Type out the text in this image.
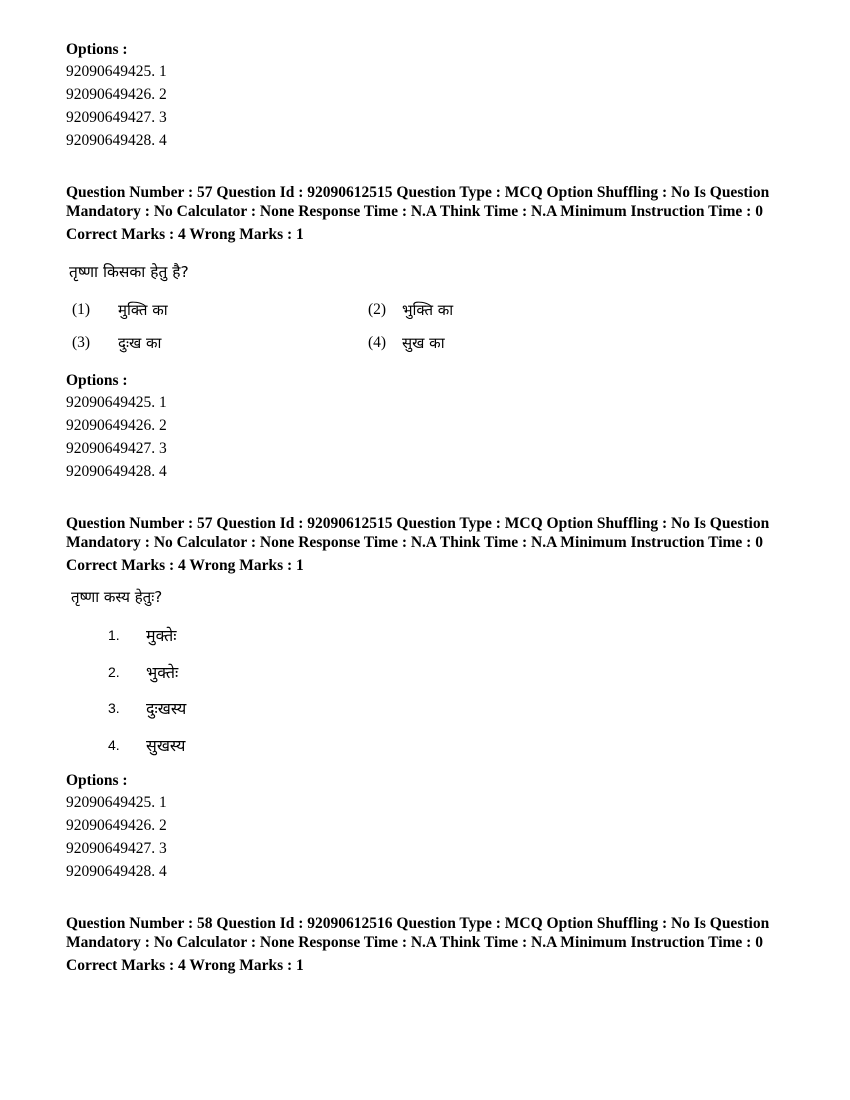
Options :
92090649425. 1
92090649426. 2
92090649427. 3
92090649428. 4
Question Number : 57 Question Id : 92090612515 Question Type : MCQ Option Shuffling : No Is Question Mandatory : No Calculator : None Response Time : N.A Think Time : N.A Minimum Instruction Time : 0
Correct Marks : 4 Wrong Marks : 1
तृष्णा किसका हेतु है?
(1)	मुक्ति का	(2)	भुक्ति का
(3)	दुःख का	(4)	सुख का
Options :
92090649425. 1
92090649426. 2
92090649427. 3
92090649428. 4
Question Number : 57 Question Id : 92090612515 Question Type : MCQ Option Shuffling : No Is Question Mandatory : No Calculator : None Response Time : N.A Think Time : N.A Minimum Instruction Time : 0
Correct Marks : 4 Wrong Marks : 1
तृष्णा कस्य हेतुः?
1.	मुक्तेः
2.	भुक्तेः
3.	दुःखस्य
4.	सुखस्य
Options :
92090649425. 1
92090649426. 2
92090649427. 3
92090649428. 4
Question Number : 58 Question Id : 92090612516 Question Type : MCQ Option Shuffling : No Is Question Mandatory : No Calculator : None Response Time : N.A Think Time : N.A Minimum Instruction Time : 0
Correct Marks : 4 Wrong Marks : 1
